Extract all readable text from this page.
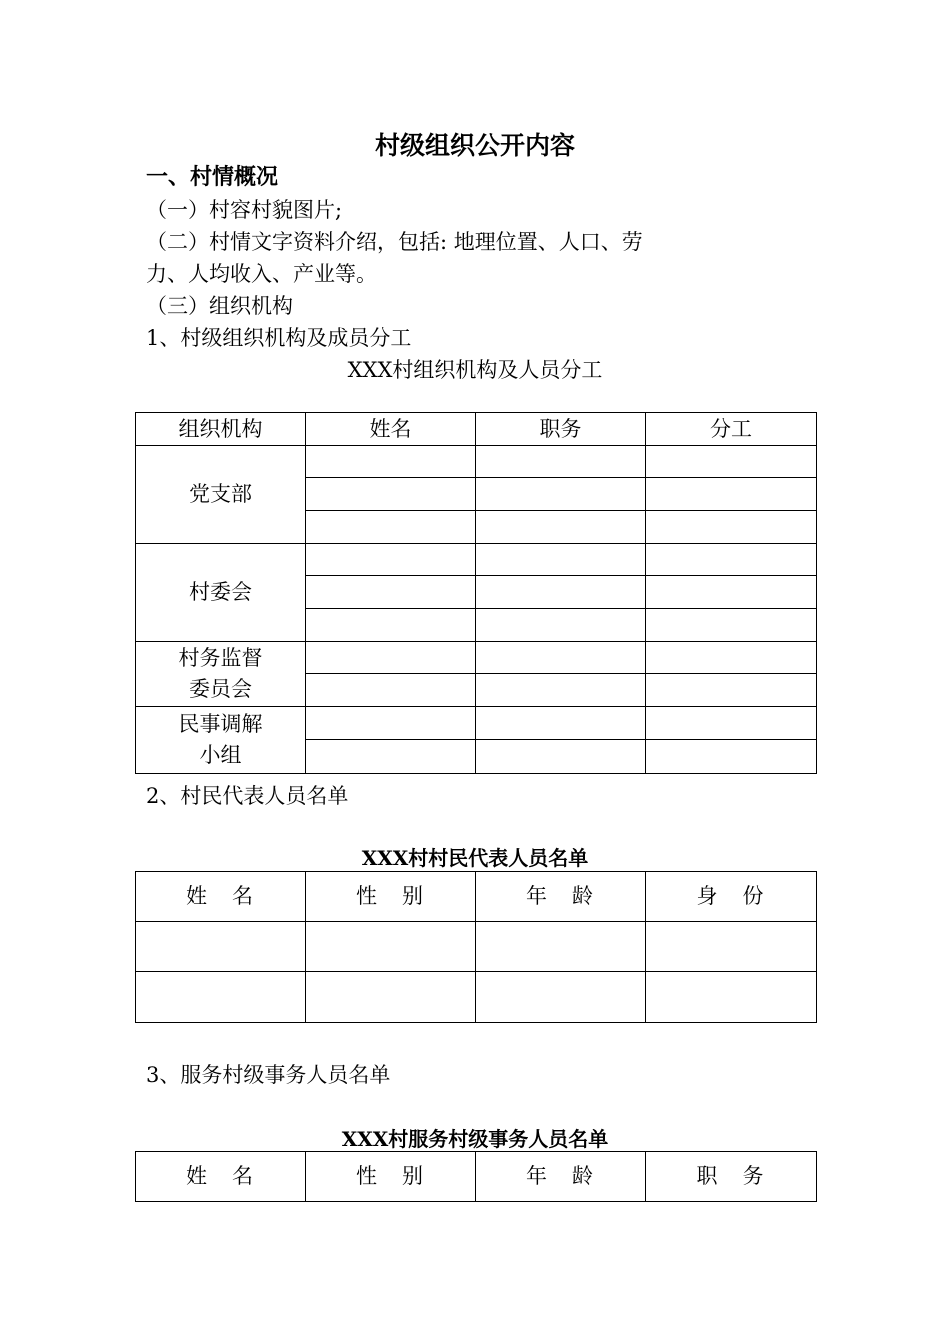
村级组织公开内容
一、村情概况
（一）村容村貌图片;
（二）村情文字资料介绍，包括: 地理位置、人口、劳
力、人均收入、产业等。
（三）组织机构
1、村级组织机构及成员分工
XXX村组织机构及人员分工
组织机构	姓名	职务	分工
党支部			

村委会			

村务监督
委员会			

民事调解
小组			

2、村民代表人员名单
XXX村村民代表人员名单
姓　名	性　别	年　龄	身　份

3、服务村级事务人员名单
XXX村服务村级事务人员名单
姓　名	性　别	年　龄	职　务
